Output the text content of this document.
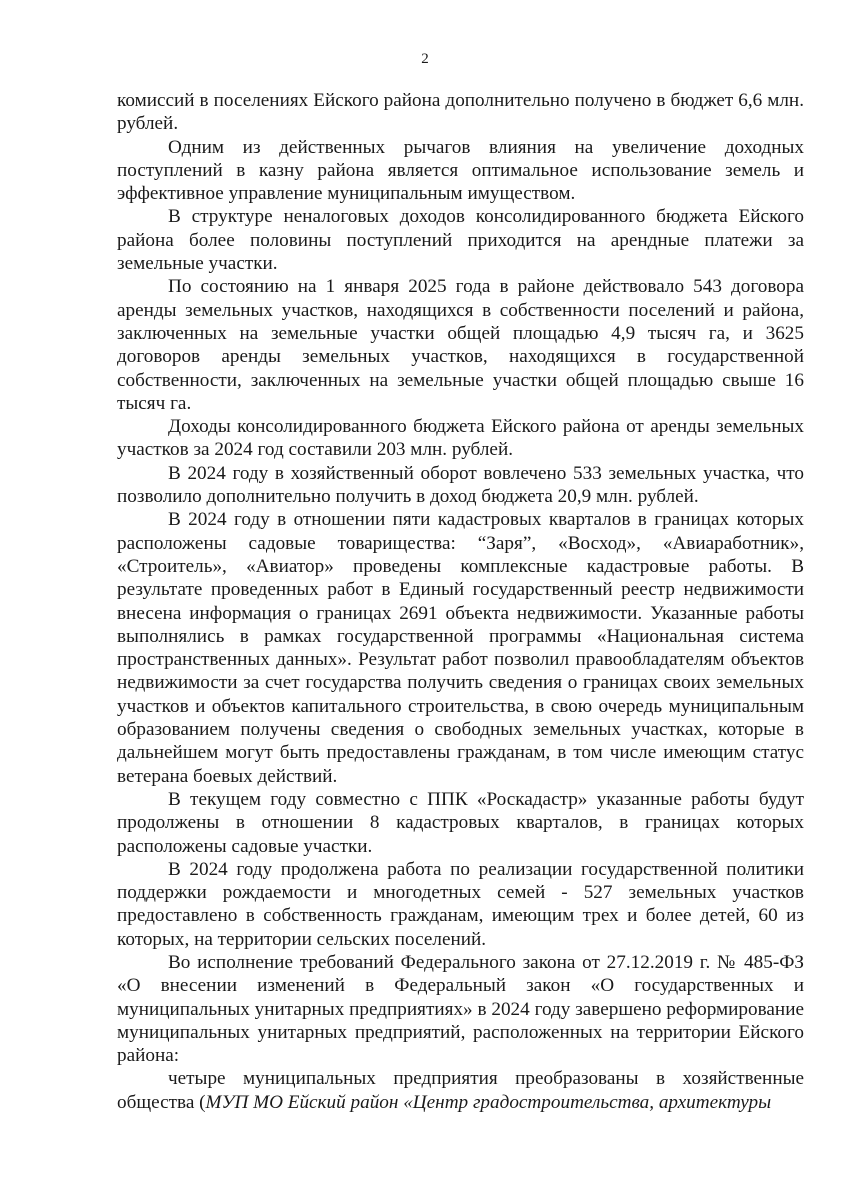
2

комиссий в поселениях Ейского района дополнительно получено в бюджет 6,6 млн. рублей.

Одним из действенных рычагов влияния на увеличение доходных поступлений в казну района является оптимальное использование земель и эффективное управление муниципальным имуществом.

В структуре неналоговых доходов консолидированного бюджета Ейского района более половины поступлений приходится на арендные платежи за земельные участки.

По состоянию на 1 января 2025 года в районе действовало 543 договора аренды земельных участков, находящихся в собственности поселений и района, заключенных на земельные участки общей площадью 4,9 тысяч га, и 3625 договоров аренды земельных участков, находящихся в государственной собственности, заключенных на земельные участки общей площадью свыше 16 тысяч га.

Доходы консолидированного бюджета Ейского района от аренды земельных участков за 2024 год составили 203 млн. рублей.

В 2024 году в хозяйственный оборот вовлечено 533 земельных участка, что позволило дополнительно получить в доход бюджета 20,9 млн. рублей.

В 2024 году в отношении пяти кадастровых кварталов в границах которых расположены садовые товарищества: “Заря”, «Восход», «Авиаработник», «Строитель», «Авиатор» проведены комплексные кадастровые работы. В результате проведенных работ в Единый государственный реестр недвижимости внесена информация о границах 2691 объекта недвижимости. Указанные работы выполнялись в рамках государственной программы «Национальная система пространственных данных». Результат работ позволил правообладателям объектов недвижимости за счет государства получить сведения о границах своих земельных участков и объектов капитального строительства, в свою очередь муниципальным образованием получены сведения о свободных земельных участках, которые в дальнейшем могут быть предоставлены гражданам, в том числе имеющим статус ветерана боевых действий.

В текущем году совместно с ППК «Роскадастр» указанные работы будут продолжены в отношении 8 кадастровых кварталов, в границах которых расположены садовые участки.

В 2024 году продолжена работа по реализации государственной политики поддержки рождаемости и многодетных семей - 527 земельных участков предоставлено в собственность гражданам, имеющим трех и более детей, 60 из которых, на территории сельских поселений.

Во исполнение требований Федерального закона от 27.12.2019 г. № 485-ФЗ «О внесении изменений в Федеральный закон «О государственных и муниципальных унитарных предприятиях» в 2024 году завершено реформирование муниципальных унитарных предприятий, расположенных на территории Ейского района:

четыре муниципальных предприятия преобразованы в хозяйственные общества (МУП МО Ейский район «Центр градостроительства, архитектуры
